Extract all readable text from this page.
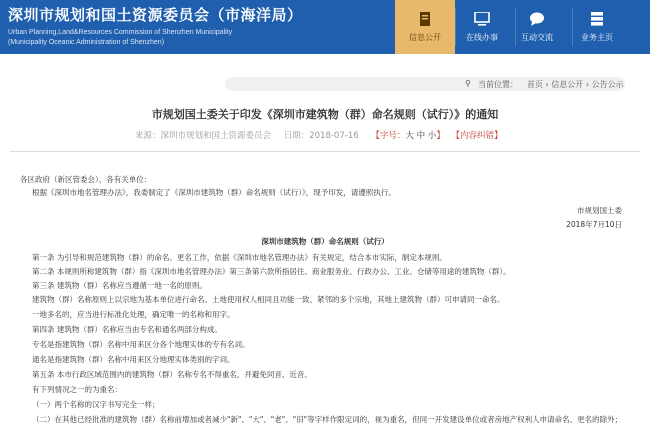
深圳市规划和国土资源委员会（市海洋局）
Urban Planning,Land&Resources Commission of Shenzhen Municipality
(Municipality Oceanic Administration of Shenzhen)
信息公开	在线办事	互动交流	业务主页
⚲ 当前位置： 首页 › 信息公开 › 公告公示
市规划国土委关于印发《深圳市建筑物（群）命名规则（试行）》的通知
来源：深圳市规划和国土资源委员会 日期：2018-07-16 【字号：大 中 小】 【内容纠错】
各区政府（新区管委会）、各有关单位：
根据《深圳市地名管理办法》，我委制定了《深圳市建筑物（群）命名规则（试行）》，现予印发，请遵照执行。
市规划国土委
2018年7月10日
深圳市建筑物（群）命名规则（试行）
第一条 为引导和规范建筑物（群）的命名、更名工作，依据《深圳市地名管理办法》有关规定，结合本市实际，制定本规则。
第二条 本规则所称建筑物（群）指《深圳市地名管理办法》第三条第六款所指居住、商业服务业、行政办公、工业、仓储等用途的建筑物（群）。
第三条 建筑物（群）名称应当遵循一地一名的原则。
建筑物（群）名称原则上以宗地为基本单位进行命名。土地使用权人相同且功能一致、紧邻的多个宗地，其地上建筑物（群）可申请同一命名。
一地多名的，应当进行标准化处理，确定唯一的名称和用字。
第四条 建筑物（群）名称应当由专名和通名两部分构成。
专名是指建筑物（群）名称中用来区分各个地理实体的专有名词。
通名是指建筑物（群）名称中用来区分地理实体类别的字词。
第五条 本市行政区域范围内的建筑物（群）名称专名不得重名，并避免同音、近音。
有下列情况之一的为重名：
（一）两个名称的汉字书写完全一样；
（二）在其他已经批准的建筑物（群）名称前增加或者减少"新"、"大"、"老"、"旧"等字样作限定词的，视为重名，但同一开发建设单位或者房地产权利人申请命名、更名的除外；
